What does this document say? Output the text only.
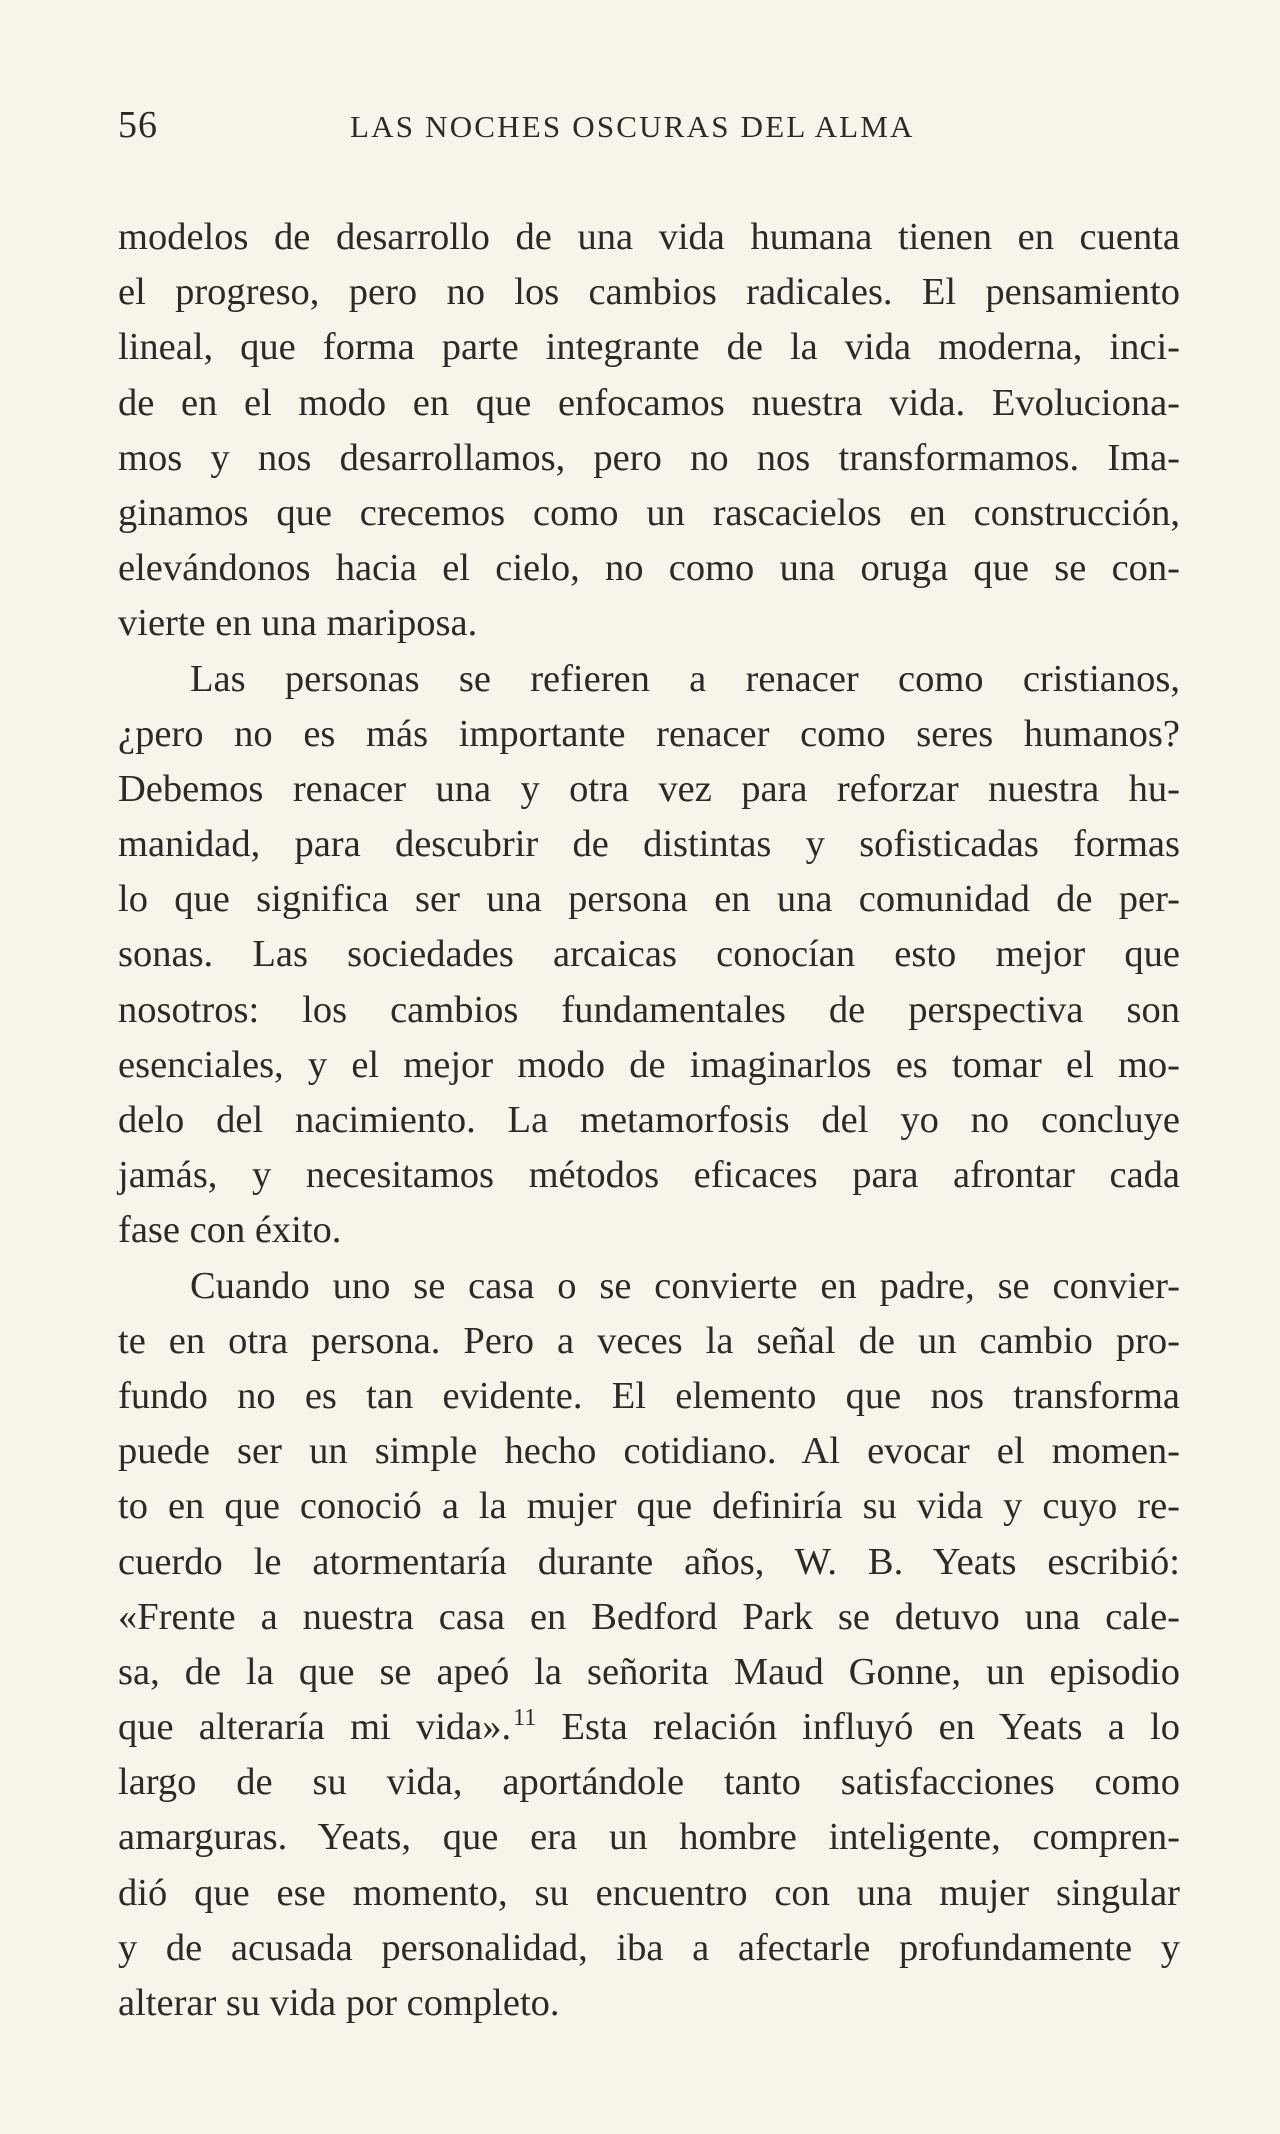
56	LAS NOCHES OSCURAS DEL ALMA
modelos de desarrollo de una vida humana tienen en cuenta
el progreso, pero no los cambios radicales. El pensamiento
lineal, que forma parte integrante de la vida moderna, inci-
de en el modo en que enfocamos nuestra vida. Evoluciona-
mos y nos desarrollamos, pero no nos transformamos. Ima-
ginamos que crecemos como un rascacielos en construcción,
elevándonos hacia el cielo, no como una oruga que se con-
vierte en una mariposa.
Las personas se refieren a renacer como cristianos,
¿pero no es más importante renacer como seres humanos?
Debemos renacer una y otra vez para reforzar nuestra hu-
manidad, para descubrir de distintas y sofisticadas formas
lo que significa ser una persona en una comunidad de per-
sonas. Las sociedades arcaicas conocían esto mejor que
nosotros: los cambios fundamentales de perspectiva son
esenciales, y el mejor modo de imaginarlos es tomar el mo-
delo del nacimiento. La metamorfosis del yo no concluye
jamás, y necesitamos métodos eficaces para afrontar cada
fase con éxito.
Cuando uno se casa o se convierte en padre, se convier-
te en otra persona. Pero a veces la señal de un cambio pro-
fundo no es tan evidente. El elemento que nos transforma
puede ser un simple hecho cotidiano. Al evocar el momen-
to en que conoció a la mujer que definiría su vida y cuyo re-
cuerdo le atormentaría durante años, W. B. Yeats escribió:
«Frente a nuestra casa en Bedford Park se detuvo una cale-
sa, de la que se apeó la señorita Maud Gonne, un episodio
que alteraría mi vida».$^{11}$ Esta relación influyó en Yeats a lo
largo de su vida, aportándole tanto satisfacciones como
amarguras. Yeats, que era un hombre inteligente, compren-
dió que ese momento, su encuentro con una mujer singular
y de acusada personalidad, iba a afectarle profundamente y
alterar su vida por completo.
